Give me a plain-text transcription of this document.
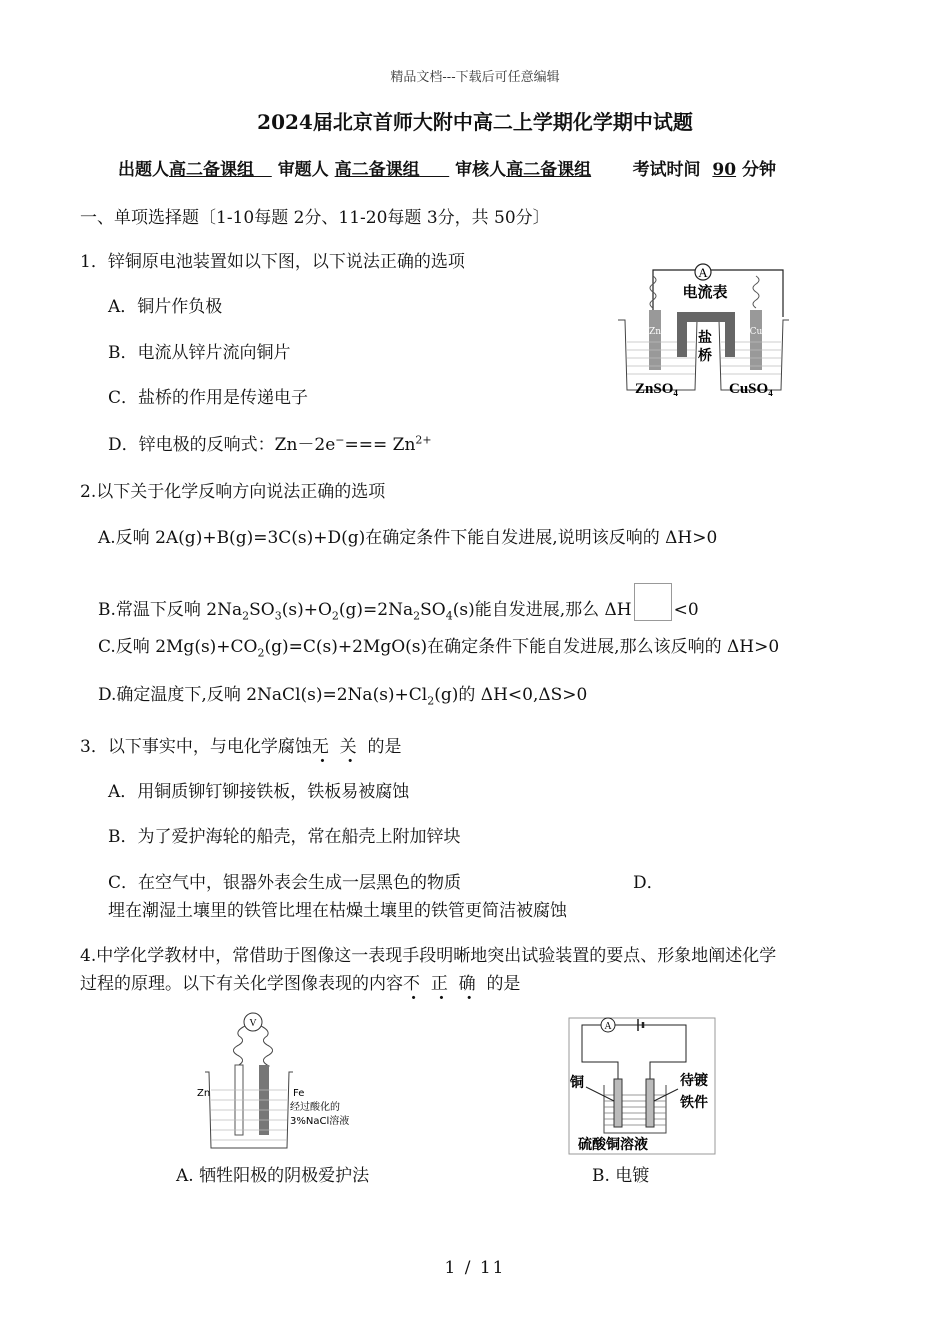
精品文档---下载后可任意编辑
2024届北京首师大附中高二上学期化学期中试题
出题人高二备课组 审题人 高二备课组 审核人高二备课组 考试时间 90 分钟
一、单项选择题〔1-10每题 2分、11-20每题 3分，共 50分〕
1．锌铜原电池装置如以下图，以下说法正确的选项
A．铜片作负极
B．电流从锌片流向铜片
C．盐桥的作用是传递电子
D．锌电极的反响式：$Zn-2e^-=== Zn^{2+}$
A
电流表
Zn	Cu
盐
桥
ZnSO$_4$	CuSO$_4$
2.以下关于化学反响方向说法正确的选项
A.反响 2A(g)+B(g)=3C(s)+D(g)在确定条件下能自发进展,说明该反响的 ΔH>0
B.常温下反响 $2Na_2SO_3(s)+O_2(g)=2Na_2SO_4(s)$能自发进展,那么 ΔH <0
C.反响 $2Mg(s)+CO_2(g)=C(s)+2MgO(s)$在确定条件下能自发进展,那么该反响的 ΔH>0
D.确定温度下,反响 $2NaCl(s)=2Na(s)+Cl_2(g)$的 ΔH<0,ΔS>0
3．以下事实中，与电化学腐蚀无 关 的是
A．用铜质铆钉铆接铁板，铁板易被腐蚀
B．为了爱护海轮的船壳，常在船壳上附加锌块
C．在空气中，银器外表会生成一层黑色的物质	D．
埋在潮湿土壤里的铁管比埋在枯燥土壤里的铁管更简洁被腐蚀
4.中学化学教材中，常借助于图像这一表现手段明晰地突出试验装置的要点、形象地阐述化学
过程的原理。以下有关化学图像表现的内容不 正 确 的是
V
Zn	Fe
经过酸化的
3%NaCl溶液
A. 牺牲阳极的阴极爱护法
A
铜	待镀
铁件
硫酸铜溶液
B. 电镀
1 / 11
